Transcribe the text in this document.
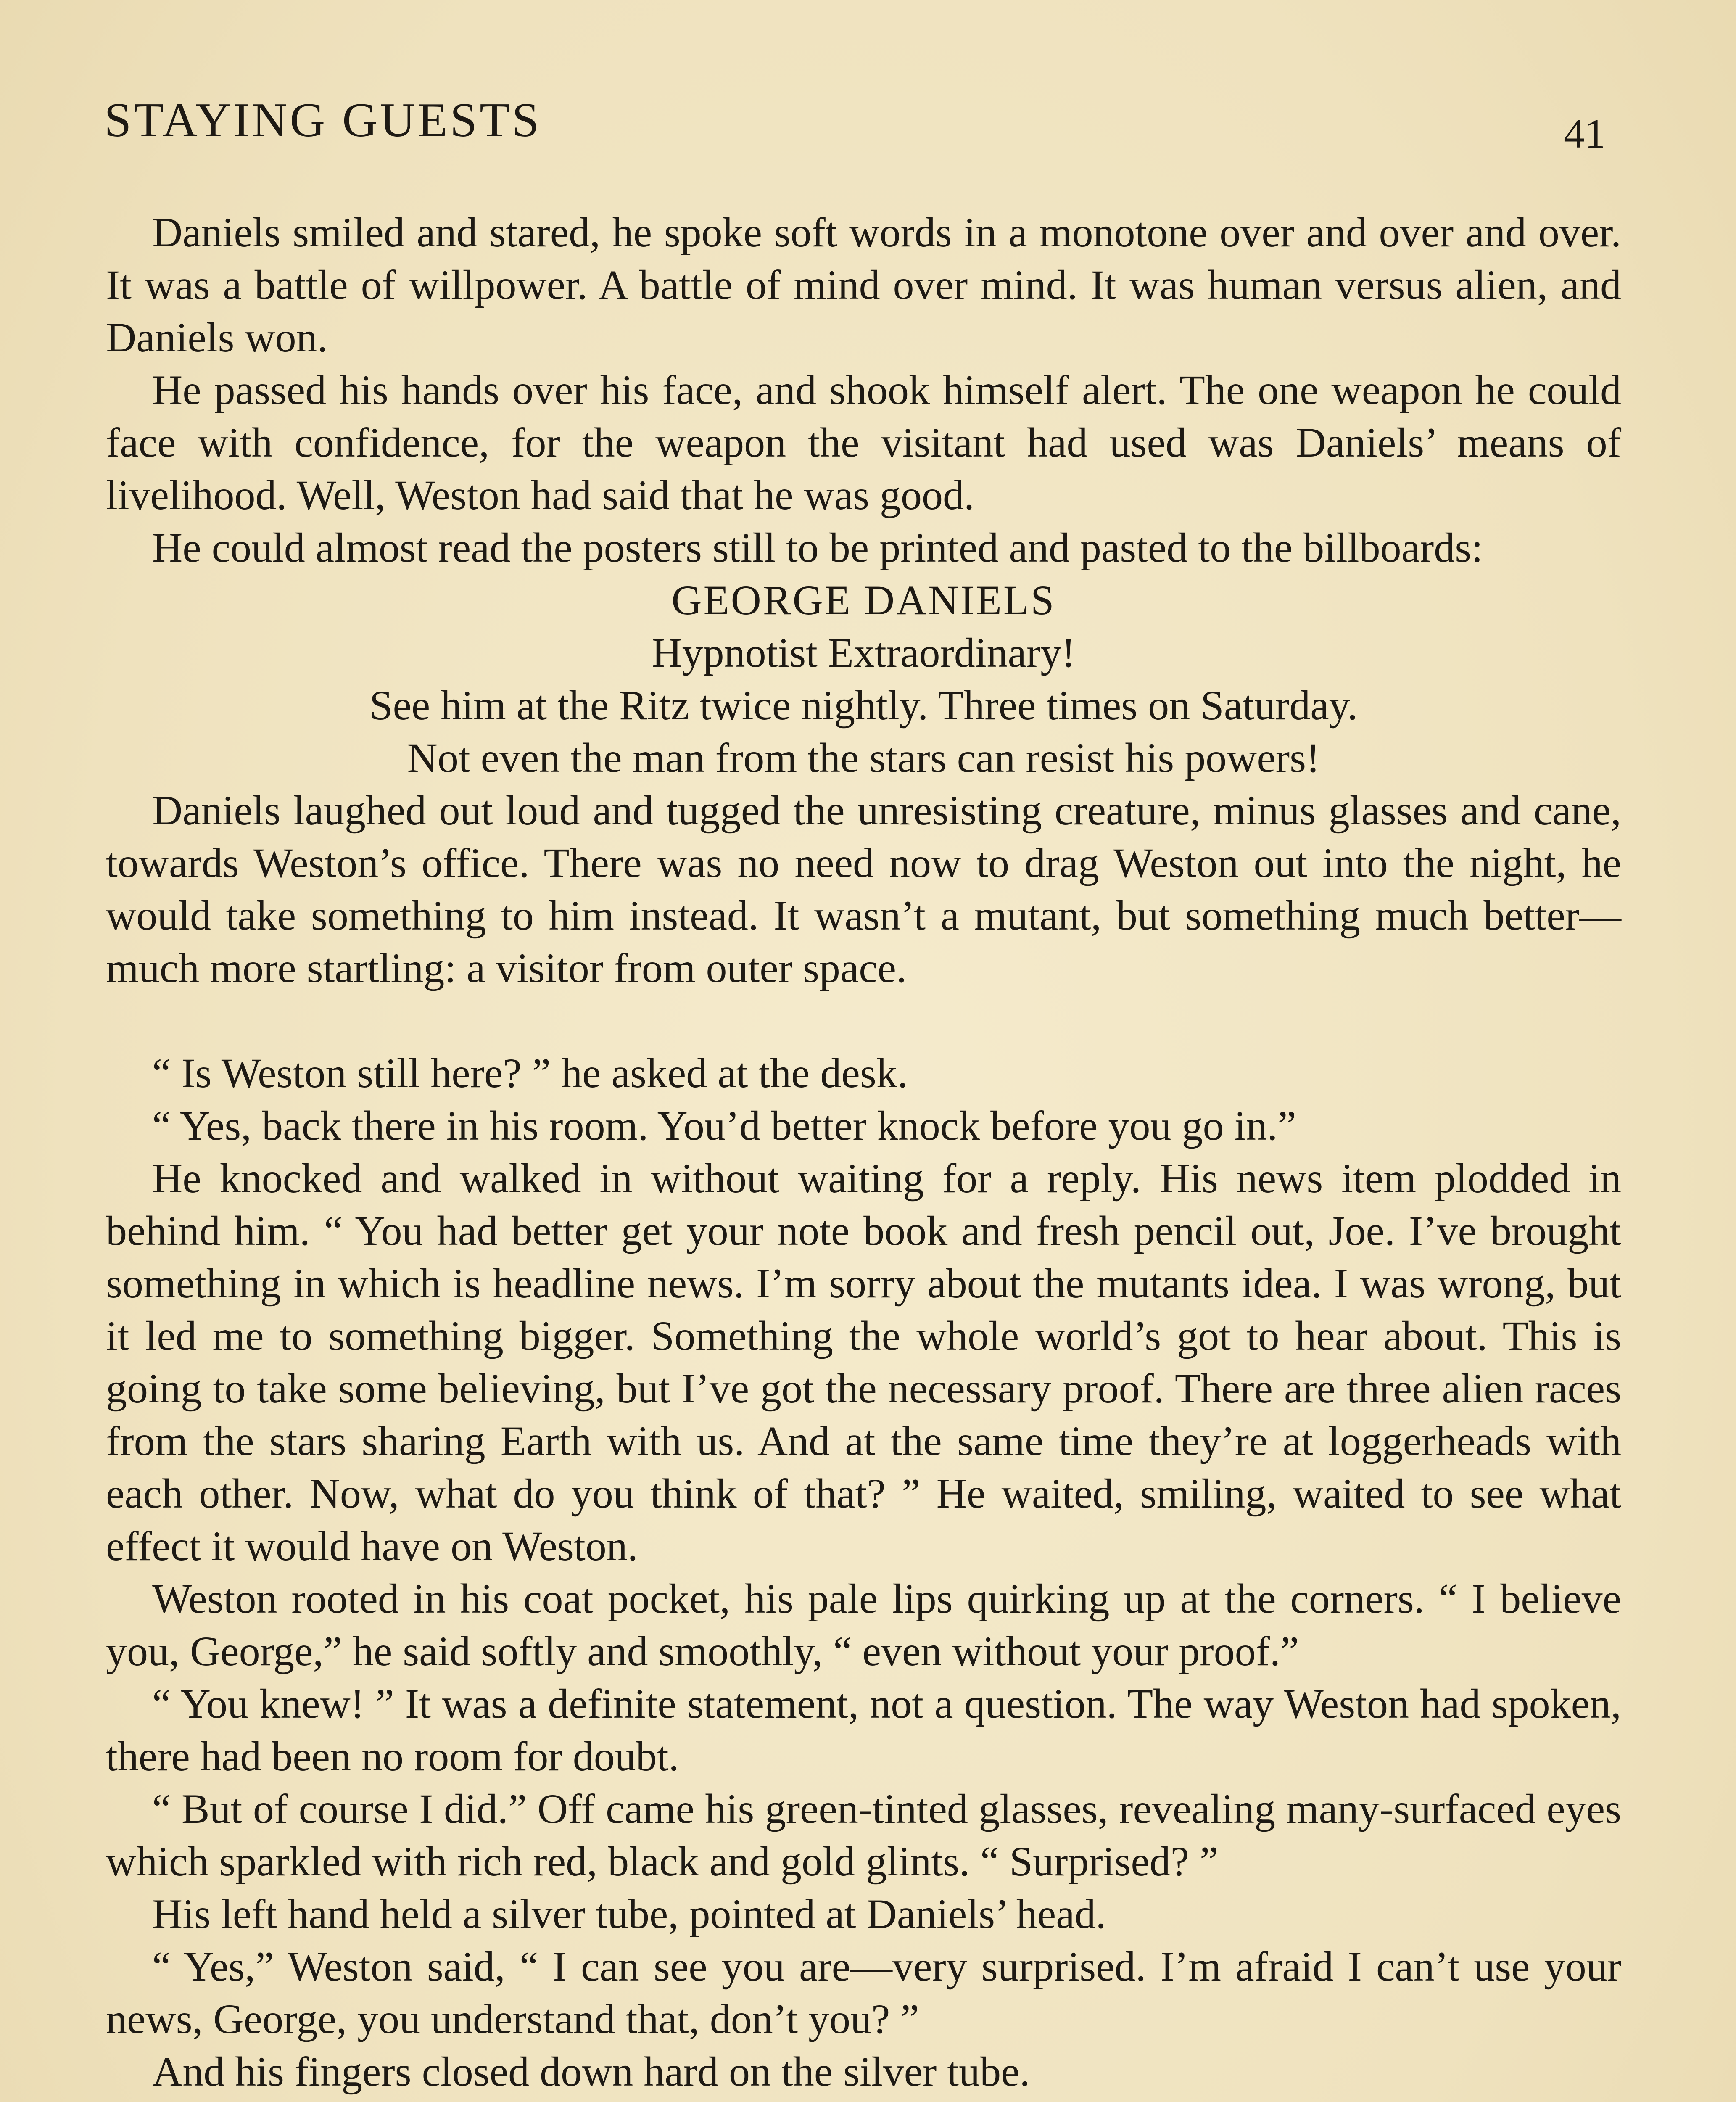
STAYING GUESTS	41

Daniels smiled and stared, he spoke soft words in a monotone over and over and over. It was a battle of willpower. A battle of mind over mind. It was human versus alien, and Daniels won.

He passed his hands over his face, and shook himself alert. The one weapon he could face with confidence, for the weapon the visitant had used was Daniels’ means of livelihood. Well, Weston had said that he was good.

He could almost read the posters still to be printed and pasted to the billboards:

GEORGE DANIELS

Hypnotist Extraordinary!

See him at the Ritz twice nightly. Three times on Saturday.

Not even the man from the stars can resist his powers!

Daniels laughed out loud and tugged the unresisting creature, minus glasses and cane, towards Weston’s office. There was no need now to drag Weston out into the night, he would take something to him instead. It wasn’t a mutant, but something much better—much more startling: a visitor from outer space.

“ Is Weston still here? ” he asked at the desk.

“ Yes, back there in his room. You’d better knock before you go in.”

He knocked and walked in without waiting for a reply. His news item plodded in behind him. “ You had better get your note book and fresh pencil out, Joe. I’ve brought something in which is headline news. I’m sorry about the mutants idea. I was wrong, but it led me to something bigger. Something the whole world’s got to hear about. This is going to take some believing, but I’ve got the necessary proof. There are three alien races from the stars sharing Earth with us. And at the same time they’re at loggerheads with each other. Now, what do you think of that? ” He waited, smiling, waited to see what effect it would have on Weston.

Weston rooted in his coat pocket, his pale lips quirking up at the corners. “ I believe you, George,” he said softly and smoothly, “ even without your proof.”

“ You knew! ” It was a definite statement, not a question. The way Weston had spoken, there had been no room for doubt.

“ But of course I did.” Off came his green-tinted glasses, revealing many-surfaced eyes which sparkled with rich red, black and gold glints. “ Surprised? ”

His left hand held a silver tube, pointed at Daniels’ head.

“ Yes,” Weston said, “ I can see you are—very surprised. I’m afraid I can’t use your news, George, you understand that, don’t you? ”

And his fingers closed down hard on the silver tube.
